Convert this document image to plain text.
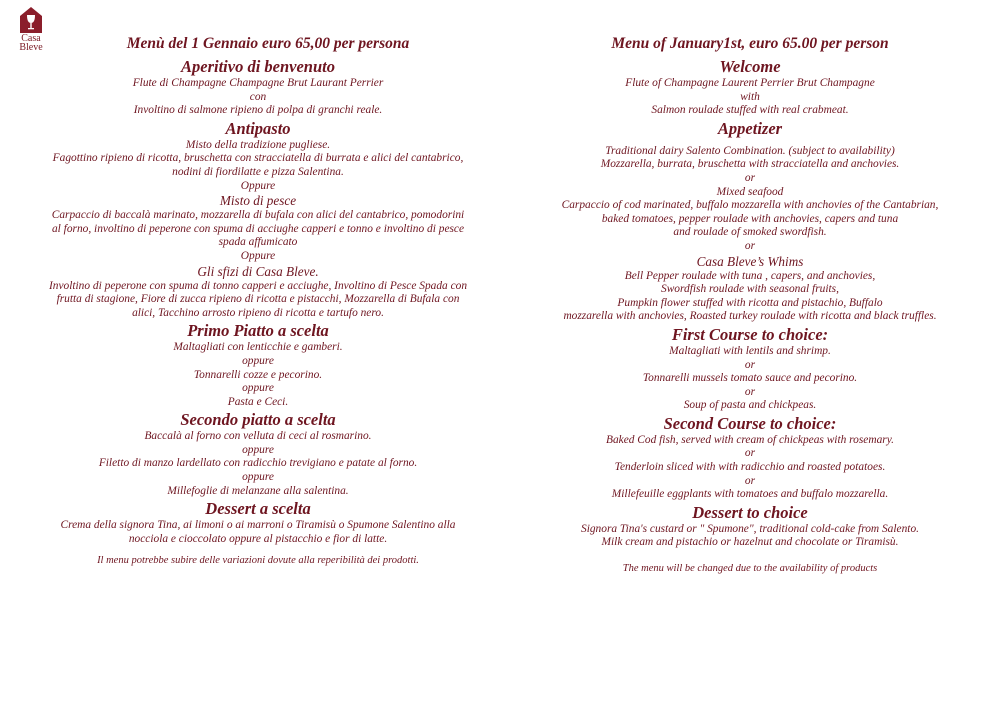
Casa
Bleve	Menù del 1 Gennaio euro 65,00 per persona
Aperitivo di benvenuto
Flute di Champagne Champagne Brut Laurant Perrier
con
Involtino di salmone ripieno di polpa di granchi reale.
Antipasto
Misto della tradizione pugliese.
Fagottino ripieno di ricotta, bruschetta con stracciatella di burrata e alici del cantabrico,
nodini di fiordilatte e pizza Salentina.
Oppure
Misto di pesce
Carpaccio di baccalà marinato, mozzarella di bufala con alici del cantabrico, pomodorini
al forno, involtino di peperone con spuma di acciughe capperi e tonno e involtino di pesce
spada affumicato
Oppure
Gli sfizi di Casa Bleve.
Involtino di peperone con spuma di tonno capperi e acciughe, Involtino di Pesce Spada con
frutta di stagione, Fiore di zucca ripieno di ricotta e pistacchi, Mozzarella di Bufala con
alici, Tacchino arrosto ripieno di ricotta e tartufo nero.
Primo Piatto a scelta
Maltagliati con lenticchie e gamberi.
oppure
Tonnarelli cozze e pecorino.
oppure
Pasta e Ceci.
Secondo piatto a scelta
Baccalà al forno con velluta di ceci al rosmarino.
oppure
Filetto di manzo lardellato con radicchio trevigiano e patate al forno.
oppure
Millefoglie di melanzane alla salentina.
Dessert a scelta
Crema della signora Tina, ai limoni o ai marroni o Tiramisù o Spumone Salentino alla
nocciola e cioccolato oppure al pistacchio e fior di latte.
Il menu potrebbe subire delle variazioni dovute alla reperibilità dei prodotti.
Menu of January1st, euro 65.00 per person
Welcome
Flute of Champagne Laurent Perrier Brut Champagne
with
Salmon roulade stuffed with real crabmeat.
Appetizer
Traditional dairy Salento Combination. (subject to availability)
Mozzarella, burrata, bruschetta with stracciatella and anchovies.
or
Mixed seafood
Carpaccio of cod marinated, buffalo mozzarella with anchovies of the Cantabrian,
baked tomatoes, pepper roulade with anchovies, capers and tuna
and roulade of smoked swordfish.
or
Casa Bleve’s Whims
Bell Pepper roulade with tuna , capers, and anchovies,
Swordfish roulade with seasonal fruits,
Pumpkin flower stuffed with ricotta and pistachio, Buffalo
mozzarella with anchovies, Roasted turkey roulade with ricotta and black truffles.
First Course to choice:
Maltagliati with lentils and shrimp.
or
Tonnarelli mussels tomato sauce and pecorino.
or
Soup of pasta and chickpeas.
Second Course to choice:
Baked Cod fish, served with cream of chickpeas with rosemary.
or
Tenderloin sliced with with radicchio and roasted potatoes.
or
Millefeuille eggplants with tomatoes and buffalo mozzarella.
Dessert to choice
Signora Tina's custard or " Spumone", traditional cold-cake from Salento.
Milk cream and pistachio or hazelnut and chocolate or Tiramisù.
The menu will be changed due to the availability of products
